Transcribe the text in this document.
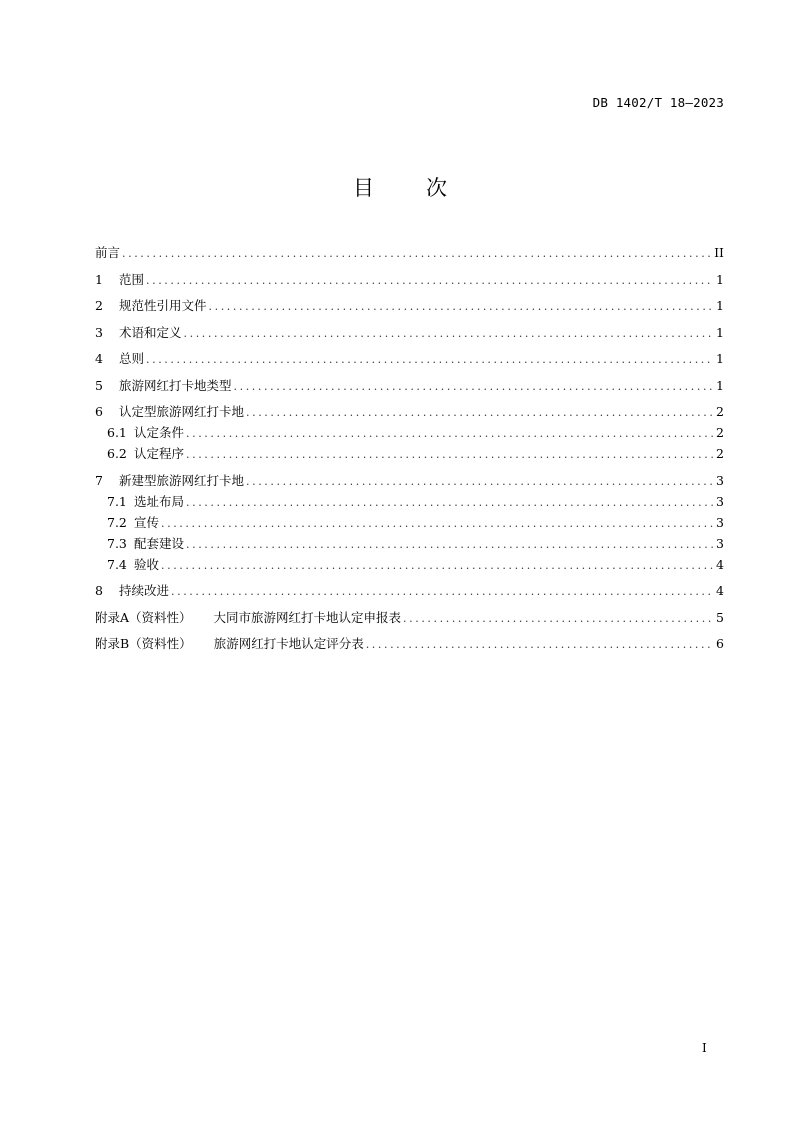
DB 1402/T 18—2023
目 次
前言 .....	II
1	范围 .....	1
2	规范性引用文件 .....	1
3	术语和定义 .....	1
4	总则 .....	1
5	旅游网红打卡地类型 .....	1
6	认定型旅游网红打卡地 .....	2
6.1 认定条件 .....	2
6.2 认定程序 .....	2
7	新建型旅游网红打卡地 .....	3
7.1 选址布局 .....	3
7.2 宣传 .....	3
7.3 配套建设 .....	3
7.4 验收 .....	4
8	持续改进 .....	4
附录A（资料性） 大同市旅游网红打卡地认定申报表 .....	5
附录B（资料性） 旅游网红打卡地认定评分表 .....	6
I
